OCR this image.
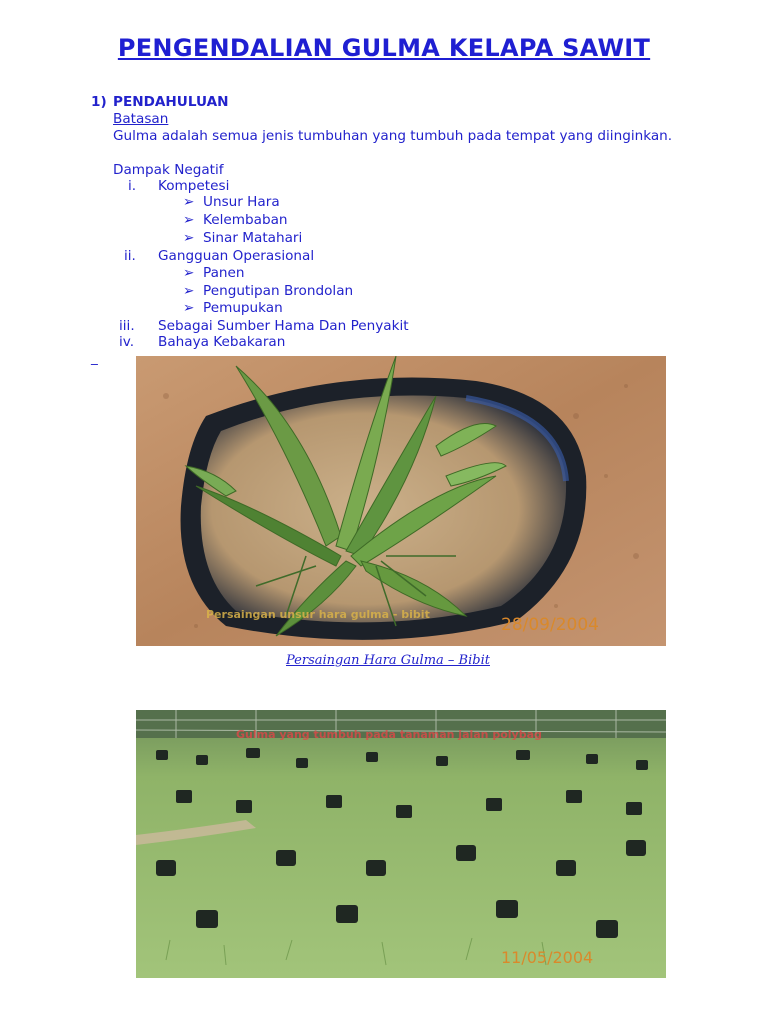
PENGENDALIAN GULMA KELAPA SAWIT
1) PENDAHULUAN
Batasan
Gulma adalah semua jenis tumbuhan yang tumbuh pada tempat yang diinginkan.
Dampak Negatif
i. Kompetesi
➢ Unsur Hara
➢ Kelembaban
➢ Sinar Matahari
ii. Gangguan Operasional
➢ Panen
➢ Pengutipan Brondolan
➢ Pemupukan
iii. Sebagai Sumber Hama Dan Penyakit
iv. Bahaya Kebakaran
_
Persaingan unsur hara gulma - bibit
28/09/2004
Persaingan Hara Gulma – Bibit
Gulma yang tumbuh pada tanaman jalan polybag
11/05/2004
